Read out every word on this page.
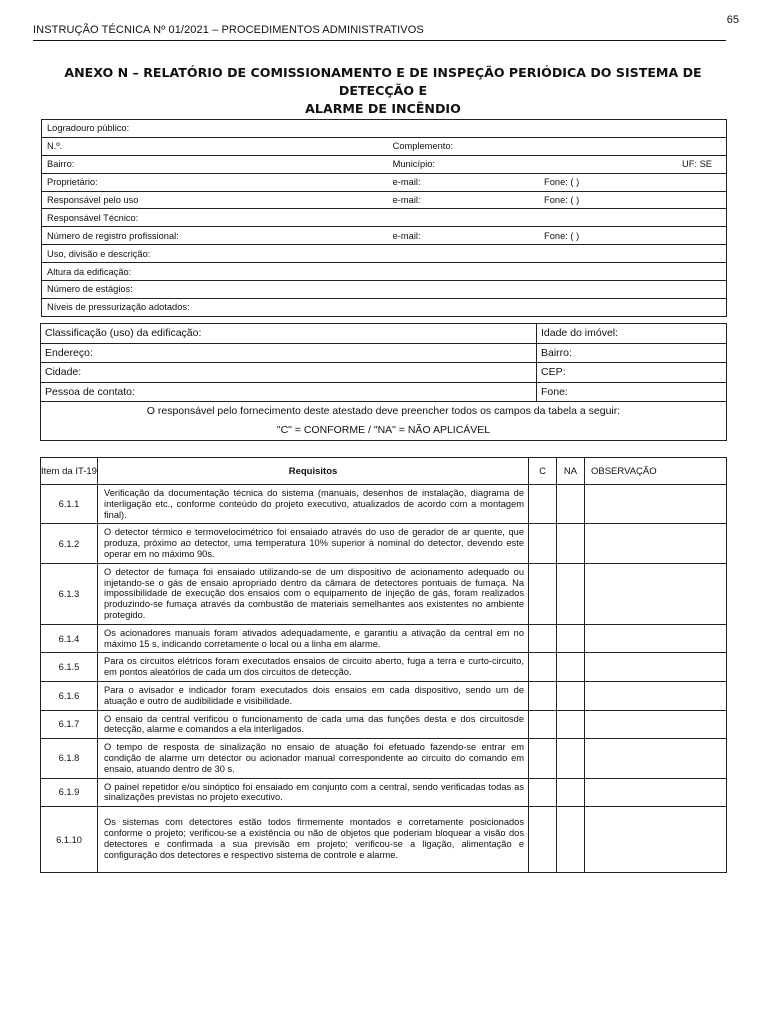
65
INSTRUÇÃO TÉCNICA Nº 01/2021 – PROCEDIMENTOS ADMINISTRATIVOS
ANEXO N – RELATÓRIO DE COMISSIONAMENTO E DE INSPEÇÃO PERIÓDICA DO SISTEMA DE DETECÇÃO E
ALARME DE INCÊNDIO
Logradouro público:		
N.º.	Complemento:	
Bairro:	Município:	UF: SE
Proprietário:	e-mail:	Fone: ( )
Responsável pelo uso	e-mail:	Fone: ( )
Responsável Técnico:		
Número de registro profissional:	e-mail:	Fone: ( )
Uso, divisão e descrição:		
Altura da edificação:		
Número de estágios:		
Níveis de pressurização adotados:		
Classificação (uso) da edificação:	Idade do imóvel:
Endereço:	Bairro:
Cidade:	CEP:
Pessoa de contato:	Fone:

O responsável pelo fornecimento deste atestado deve preencher todos os campos da tabela a seguir:
"C" = CONFORME / "NA" = NÃO APLICÁVEL	
Item da IT-19	Requisitos	C	NA	OBSERVAÇÃO
6.1.1	Verificação da documentação técnica do sistema (manuais, desenhos de instalação, diagrama de interligação etc., conforme conteúdo do projeto executivo, atualizados de acordo com a montagem final).			
6.1.2	O detector térmico e termovelocimétrico foi ensaiado através do uso de gerador de ar quente, que produza, próximo ao detector, uma temperatura 10% superior à nominal do detector, devendo este operar em no máximo 90s.			
6.1.3	O detector de fumaça foi ensaiado utilizando-se de um dispositivo de acionamento adequado ou injetando-se o gás de ensaio apropriado dentro da câmara de detectores pontuais de fumaça. Na impossibilidade de execução dos ensaios com o equipamento de injeção de gás, foram realizados produzindo-se fumaça através da combustão de materiais semelhantes aos existentes no ambiente protegido.			
6.1.4	Os acionadores manuais foram ativados adequadamente, e garantiu a ativação da central em no máximo 15 s, indicando corretamente o local ou a linha em alarme.			
6.1.5	Para os circuitos elétricos foram executados ensaios de circuito aberto, fuga a terra e curto-circuito, em pontos aleatórios de cada um dos circuitos de detecção.			
6.1.6	Para o avisador e indicador foram executados dois ensaios em cada dispositivo, sendo um de atuação e outro de audibilidade e visibilidade.			
6.1.7	O ensaio da central verificou o funcionamento de cada uma das funções desta e dos circuitosde detecção, alarme e comandos a ela interligados.			
6.1.8	O tempo de resposta de sinalização no ensaio de atuação foi efetuado fazendo-se entrar em condição de alarme um detector ou acionador manual correspondente ao circuito do comando em ensaio, atuando dentro de 30 s.			
6.1.9	O painel repetidor e/ou sinóptico foi ensaiado em conjunto com a central, sendo verificadas todas as sinalizações previstas no projeto executivo.			
6.1.10	Os sistemas com detectores estão todos firmemente montados e corretamente posicionados conforme o projeto; verificou-se a existência ou não de objetos que poderiam bloquear a visão dos detectores e confirmada a sua previsão em projeto; verificou-se a ligação, alimentação e configuração dos detectores e respectivo sistema de controle e alarme.			
